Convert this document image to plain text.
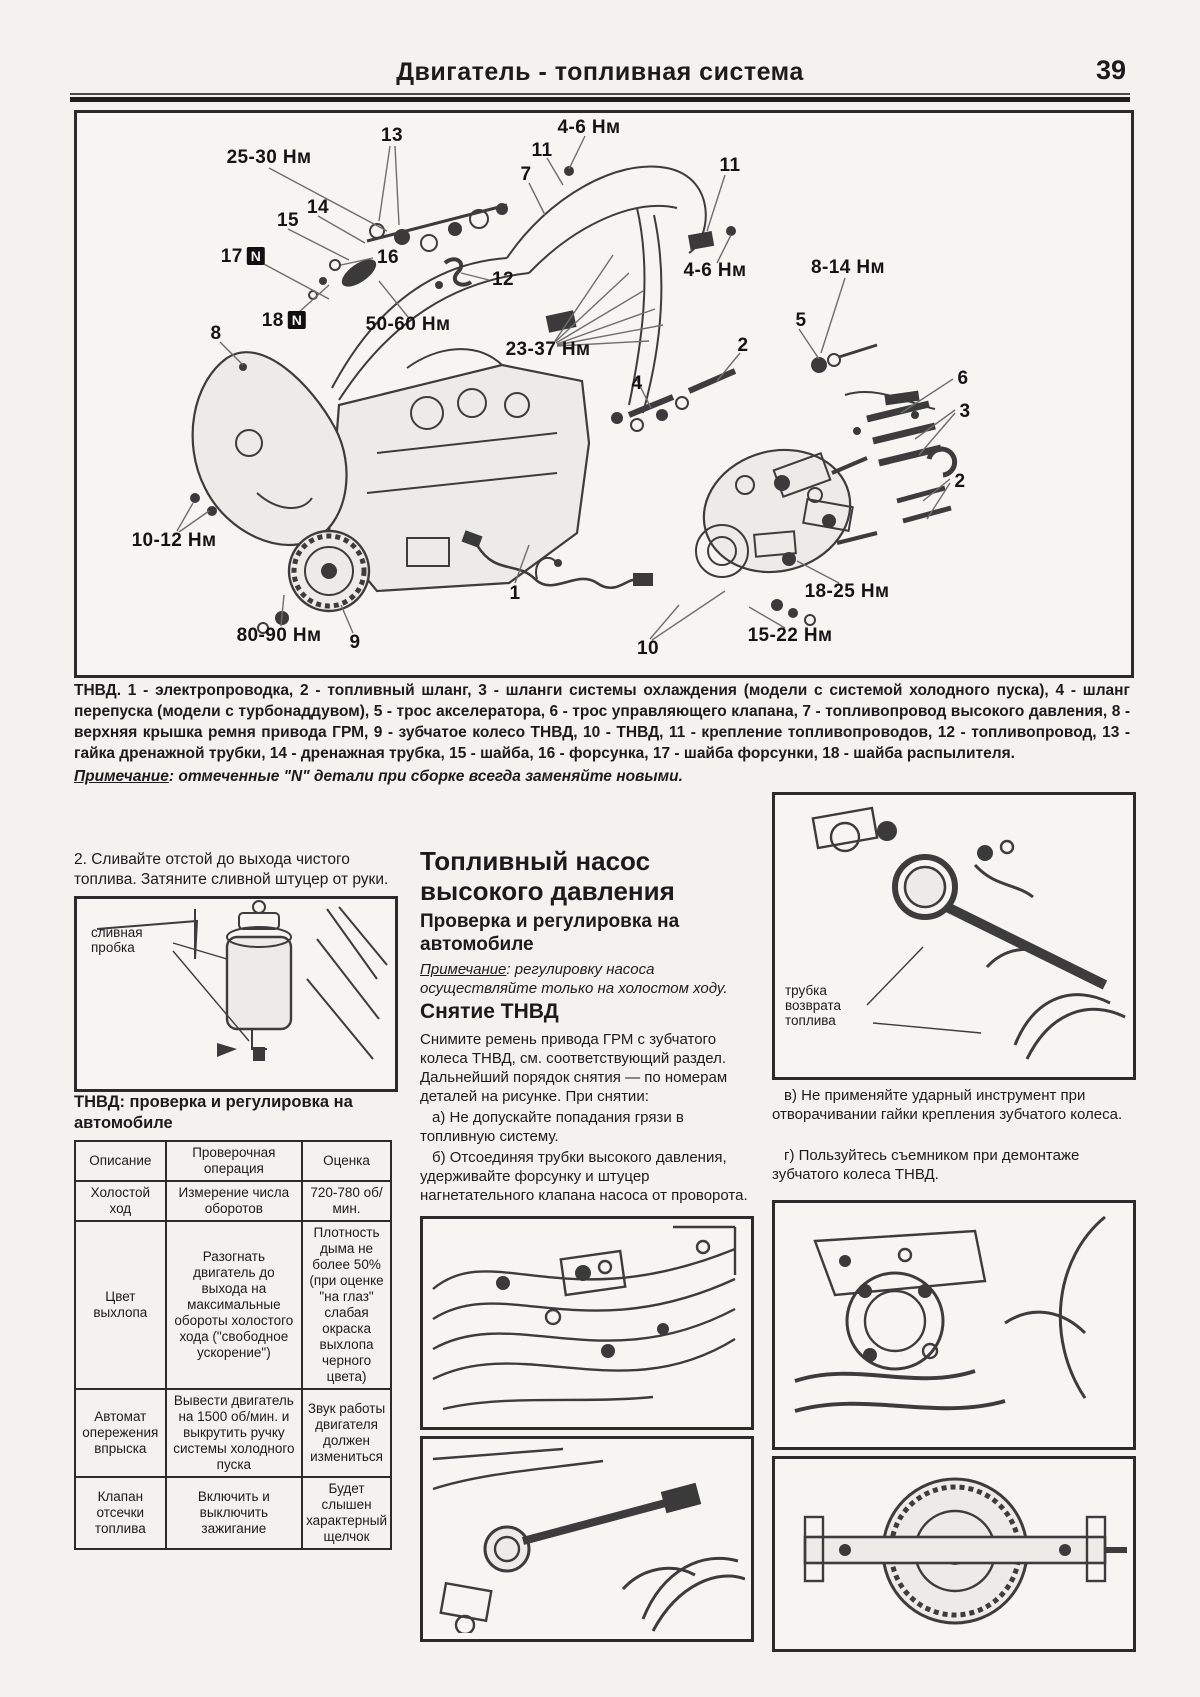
Двигатель - топливная система	39
13
25-30 Нм
4-6 Нм
11
7	11
14
15
17 N	16
4-6 Нм	8-14 Нм
12
5
18 N	50-60 Нм
2
23-37 Нм
8
4	6
3
2
10-12 Нм
1	18-25 Нм
80-90 Нм 9	10
15-22 Нм
ТНВД. 1 - электропроводка, 2 - топливный шланг, 3 - шланги системы охлаждения (модели с системой холодного пуска), 4 - шланг перепуска (модели с турбонаддувом), 5 - трос акселератора, 6 - трос управляющего клапана, 7 - топливопровод высокого давления, 8 - верхняя крышка ремня привода ГРМ, 9 - зубчатое колесо ТНВД, 10 - ТНВД, 11 - крепление топливопроводов, 12 - топливопровод, 13 - гайка дренажной трубки, 14 - дренажная трубка, 15 - шайба, 16 - форсунка, 17 - шайба форсунки, 18 - шайба распылителя.
Примечание: отмеченные "N" детали при сборке всегда заменяйте новыми.
2. Сливайте отстой до выхода чистого топлива. Затяните сливной штуцер от руки.
сливная пробка
ТНВД: проверка и регулировка на автомобиле
Описание	Проверочная операция	Оценка
Холостой ход	Измерение числа оборотов	720-780 об/мин.
Цвет выхлопа	Разогнать двигатель до выхода на максимальные обороты холостого хода ("свободное ускорение")	Плотность дыма не более 50% (при оценке "на глаз" слабая окраска выхлопа черного цвета)
Автомат опережения впрыска	Вывести двигатель на 1500 об/мин. и выкрутить ручку системы холодного пуска	Звук работы двигателя должен измениться
Клапан отсечки топлива	Включить и выключить зажигание	Будет слышен характерный щелчок
Топливный насос высокого давления
Проверка и регулировка на автомобиле
Примечание: регулировку насоса осуществляйте только на холостом ходу.
Снятие ТНВД
Снимите ремень привода ГРМ с зубчатого колеса ТНВД, см. соответствующий раздел. Дальнейший порядок снятия — по номерам деталей на рисунке. При снятии:
а) Не допускайте попадания грязи в топливную систему.
б) Отсоединяя трубки высокого давления, удерживайте форсунку и штуцер нагнетательного клапана насоса от проворота.
трубка возврата топлива
в) Не применяйте ударный инструмент при отворачивании гайки крепления зубчатого колеса.
г) Пользуйтесь съемником при демонтаже зубчатого колеса ТНВД.
